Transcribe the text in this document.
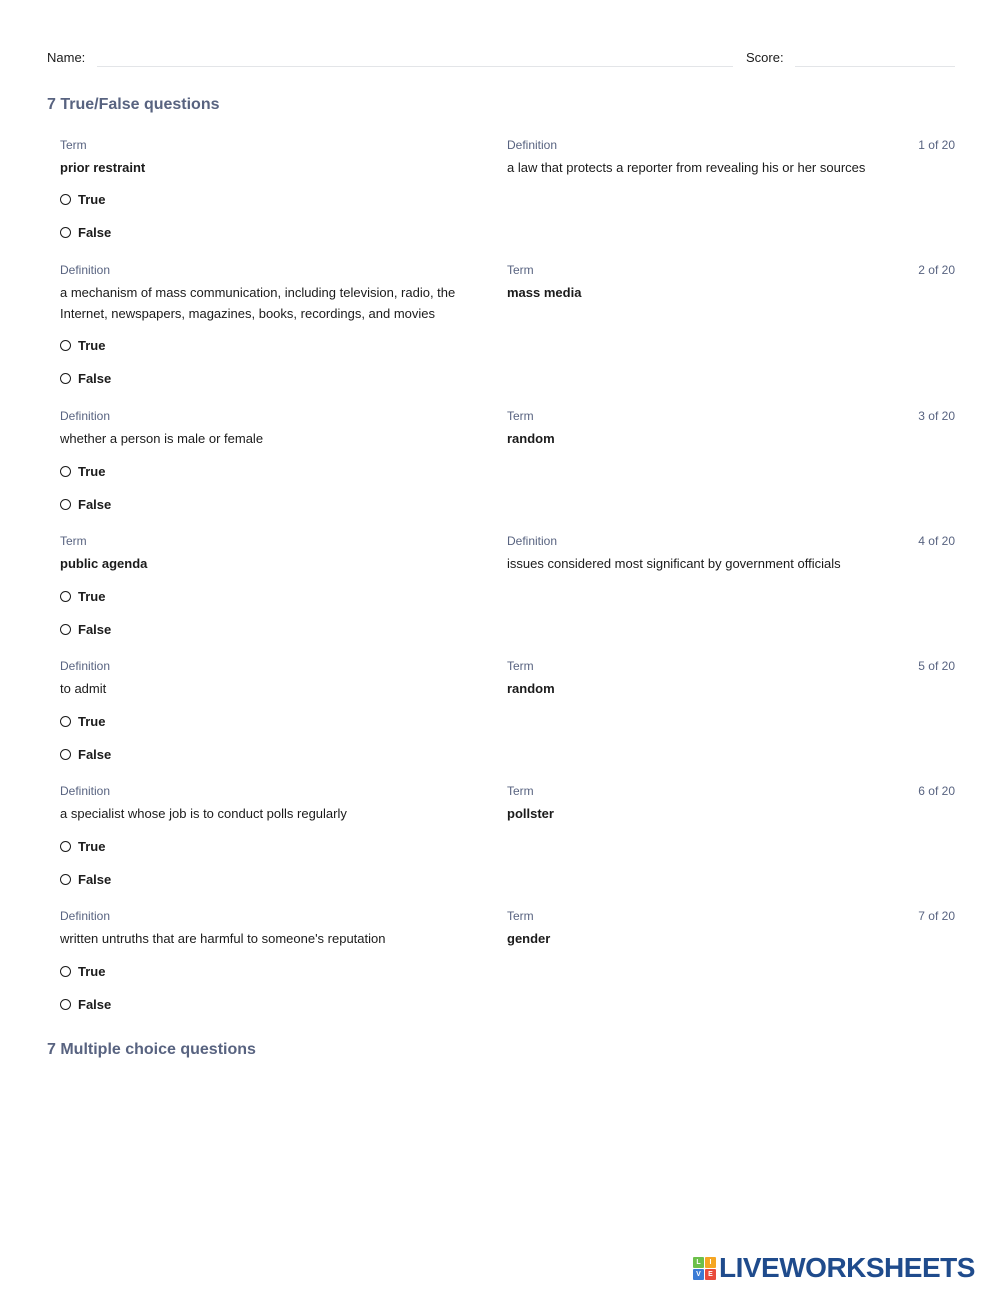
Name:	Score:
7 True/False questions
Term
prior restraint
Definition
a law that protects a reporter from revealing his or her sources
1 of 20
True
False
Definition
a mechanism of mass communication, including television, radio, the Internet, newspapers, magazines, books, recordings, and movies
Term
mass media
2 of 20
True
False
Definition
whether a person is male or female
Term
random
3 of 20
True
False
Term
public agenda
Definition
issues considered most significant by government officials
4 of 20
True
False
Definition
to admit
Term
random
5 of 20
True
False
Definition
a specialist whose job is to conduct polls regularly
Term
pollster
6 of 20
True
False
Definition
written untruths that are harmful to someone's reputation
Term
gender
7 of 20
True
False
7 Multiple choice questions
L	I
V	E LIVEWORKSHEETS
